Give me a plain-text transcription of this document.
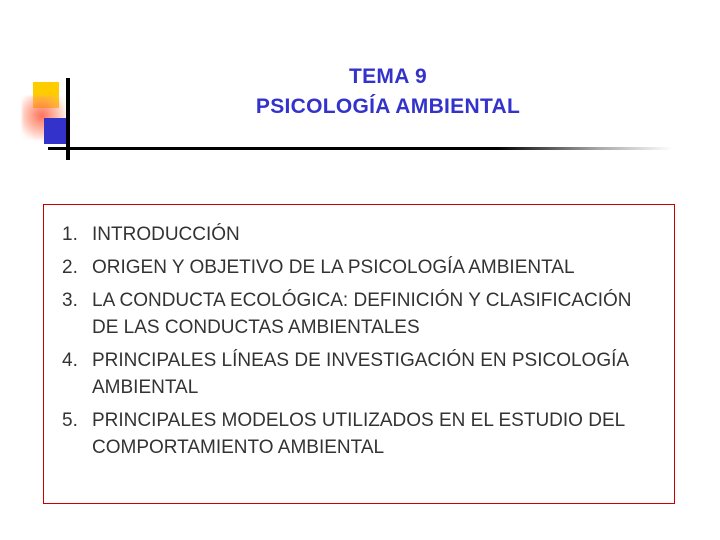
TEMA 9
PSICOLOGÍA AMBIENTAL
1. INTRODUCCIÓN
2. ORIGEN Y OBJETIVO DE LA PSICOLOGÍA AMBIENTAL
3. LA CONDUCTA ECOLÓGICA: DEFINICIÓN Y CLASIFICACIÓN DE LAS CONDUCTAS AMBIENTALES
4. PRINCIPALES LÍNEAS DE INVESTIGACIÓN EN PSICOLOGÍA AMBIENTAL
5. PRINCIPALES MODELOS UTILIZADOS EN EL ESTUDIO DEL COMPORTAMIENTO AMBIENTAL
